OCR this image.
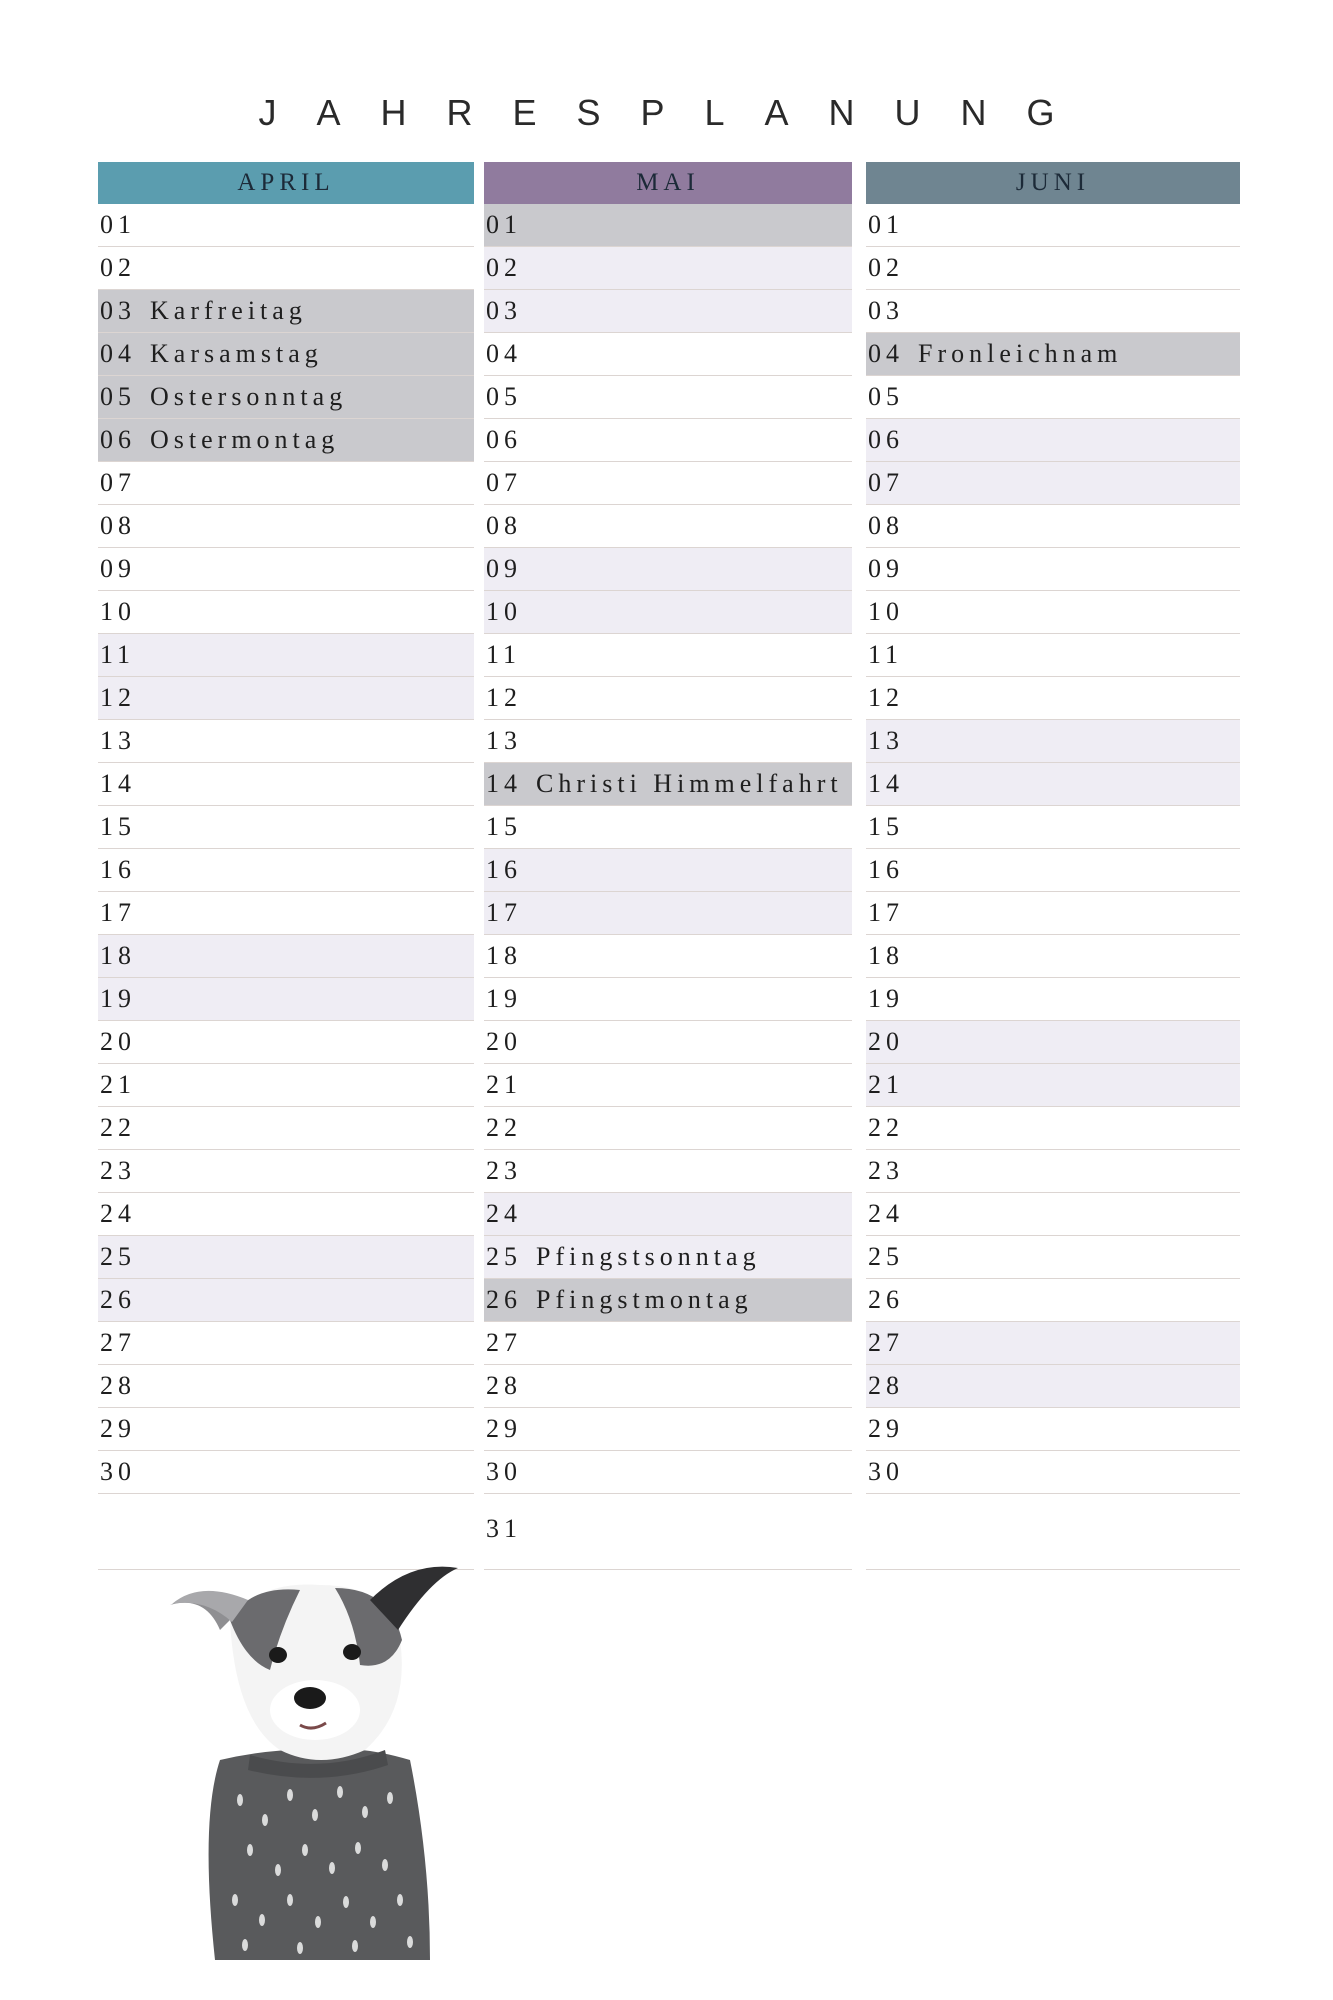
JAHRESPLANUNG
APRIL
01
02
03 Karfreitag
04 Karsamstag
05 Ostersonntag
06 Ostermontag
07
08
09
10
11
12
13
14
15
16
17
18
19
20
21
22
23
24
25
26
27
28
29
30
MAI
01
02
03
04
05
06
07
08
09
10
11
12
13
14 Christi Himmelfahrt
15
16
17
18
19
20
21
22
23
24
25 Pfingstsonntag
26 Pfingstmontag
27
28
29
30
31
JUNI
01
02
03
04 Fronleichnam
05
06
07
08
09
10
11
12
13
14
15
16
17
18
19
20
21
22
23
24
25
26
27
28
29
30
